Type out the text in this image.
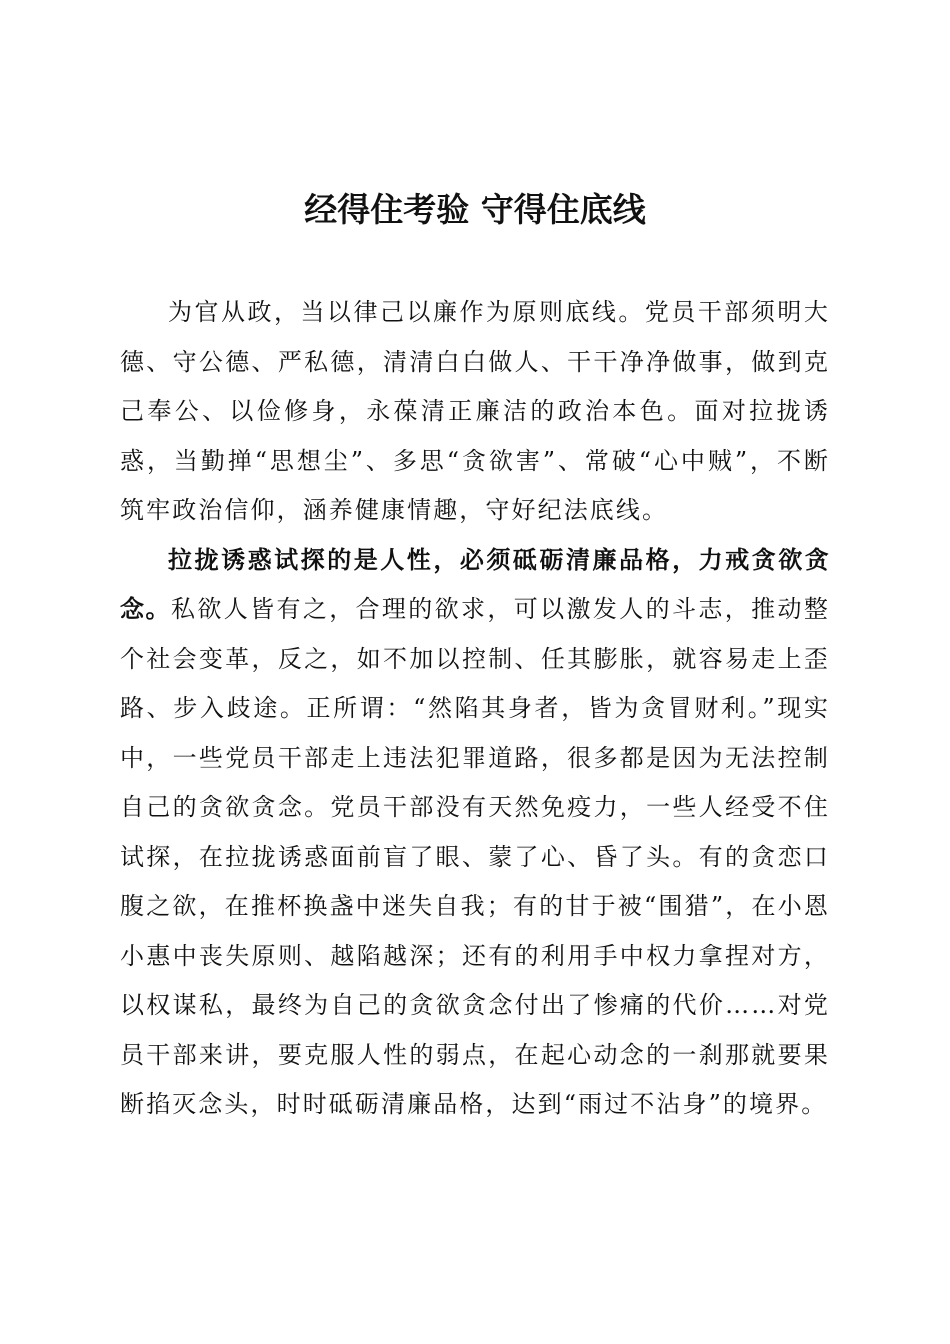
经得住考验 守得住底线

为官从政，当以律己以廉作为原则底线。党员干部须明大德、守公德、严私德，清清白白做人、干干净净做事，做到克己奉公、以俭修身，永葆清正廉洁的政治本色。面对拉拢诱惑，当勤掸“思想尘”、多思“贪欲害”、常破“心中贼”，不断筑牢政治信仰，涵养健康情趣，守好纪法底线。

拉拢诱惑试探的是人性，必须砥砺清廉品格，力戒贪欲贪念。私欲人皆有之，合理的欲求，可以激发人的斗志，推动整个社会变革，反之，如不加以控制、任其膨胀，就容易走上歪路、步入歧途。正所谓：“然陷其身者，皆为贪冒财利。”现实中，一些党员干部走上违法犯罪道路，很多都是因为无法控制自己的贪欲贪念。党员干部没有天然免疫力，一些人经受不住试探，在拉拢诱惑面前盲了眼、蒙了心、昏了头。有的贪恋口腹之欲，在推杯换盏中迷失自我；有的甘于被“围猎”，在小恩小惠中丧失原则、越陷越深；还有的利用手中权力拿捏对方，以权谋私，最终为自己的贪欲贪念付出了惨痛的代价……对党员干部来讲，要克服人性的弱点，在起心动念的一刹那就要果断掐灭念头，时时砥砺清廉品格，达到“雨过不沾身”的境界。
